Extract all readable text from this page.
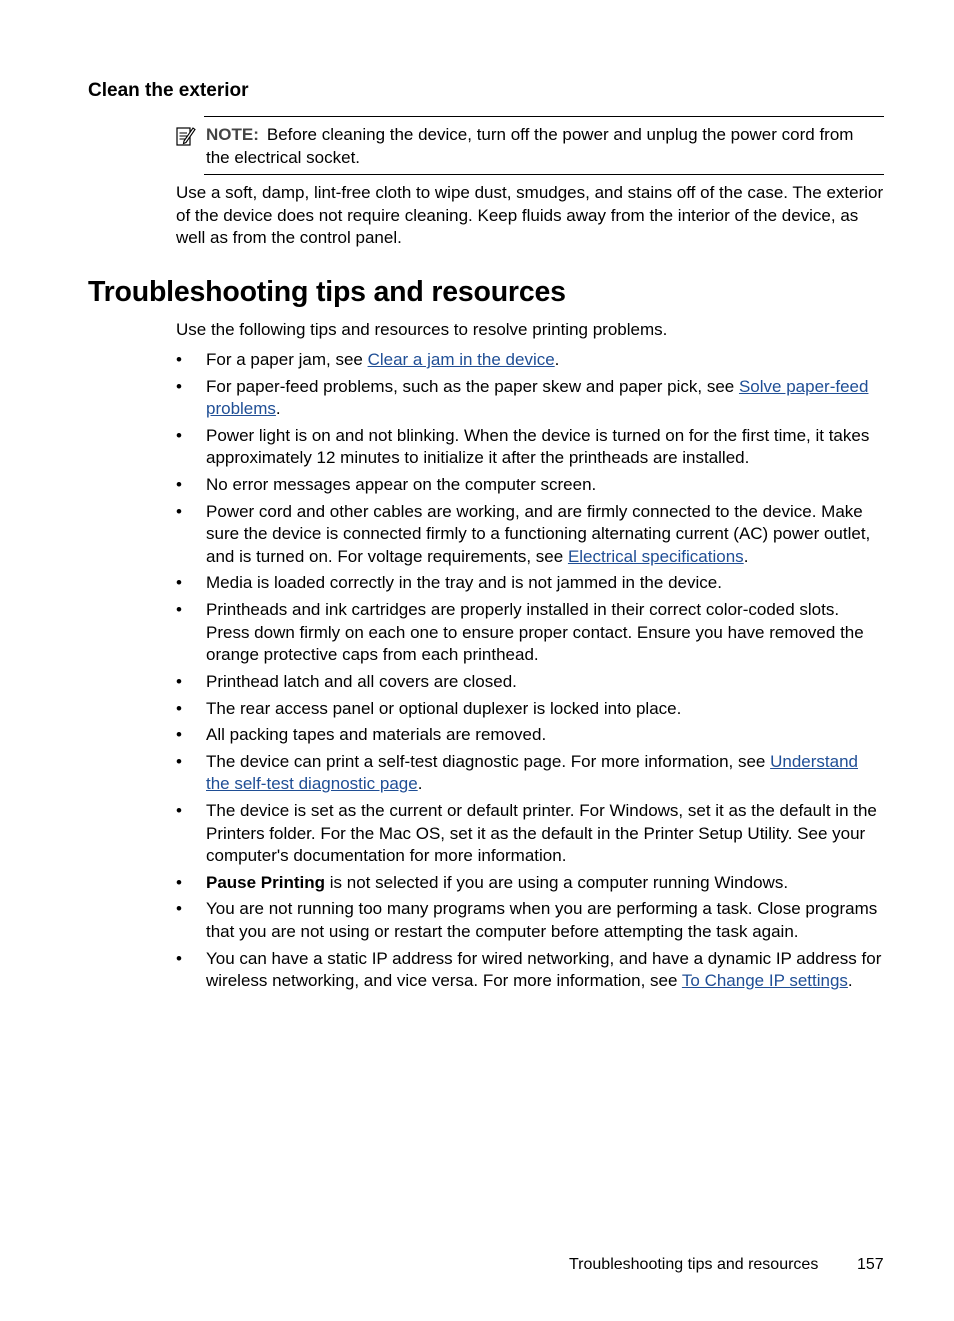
Clean the exterior
NOTE: Before cleaning the device, turn off the power and unplug the power cord from the electrical socket.
Use a soft, damp, lint-free cloth to wipe dust, smudges, and stains off of the case. The exterior of the device does not require cleaning. Keep fluids away from the interior of the device, as well as from the control panel.
Troubleshooting tips and resources
Use the following tips and resources to resolve printing problems.
• For a paper jam, see Clear a jam in the device.
• For paper-feed problems, such as the paper skew and paper pick, see Solve paper-feed problems.
• Power light is on and not blinking. When the device is turned on for the first time, it takes approximately 12 minutes to initialize it after the printheads are installed.
• No error messages appear on the computer screen.
• Power cord and other cables are working, and are firmly connected to the device. Make sure the device is connected firmly to a functioning alternating current (AC) power outlet, and is turned on. For voltage requirements, see Electrical specifications.
• Media is loaded correctly in the tray and is not jammed in the device.
• Printheads and ink cartridges are properly installed in their correct color-coded slots. Press down firmly on each one to ensure proper contact. Ensure you have removed the orange protective caps from each printhead.
• Printhead latch and all covers are closed.
• The rear access panel or optional duplexer is locked into place.
• All packing tapes and materials are removed.
• The device can print a self-test diagnostic page. For more information, see Understand the self-test diagnostic page.
• The device is set as the current or default printer. For Windows, set it as the default in the Printers folder. For the Mac OS, set it as the default in the Printer Setup Utility. See your computer's documentation for more information.
• Pause Printing is not selected if you are using a computer running Windows.
• You are not running too many programs when you are performing a task. Close programs that you are not using or restart the computer before attempting the task again.
• You can have a static IP address for wired networking, and have a dynamic IP address for wireless networking, and vice versa. For more information, see To Change IP settings.
Troubleshooting tips and resources 157
